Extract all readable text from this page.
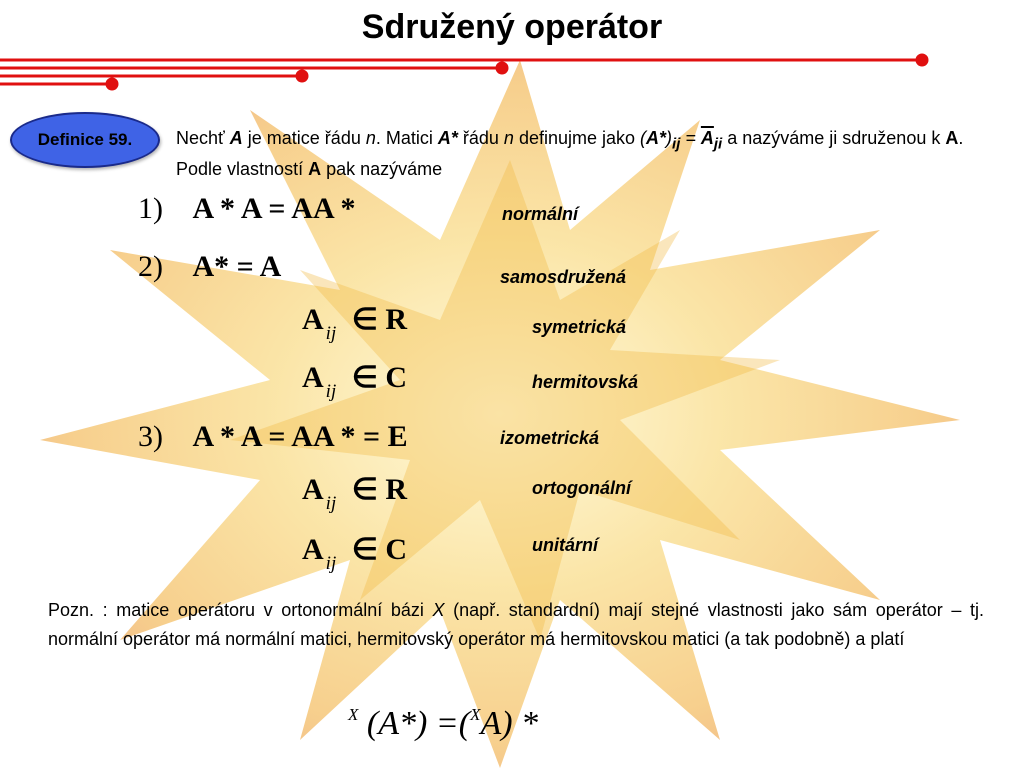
Sdružený operátor
Definice 59. Nechť A je matice řádu n. Matici A* řádu n definujme jako $(A*)_{ij} = \overline{A}_{ji}$ a nazýváme ji sdruženou k A. Podle vlastností A pak nazýváme
1) A * A = AA *	normální
2) A* = A	samosdružená
A $_{ij}$ ∈ R	symetrická
A $_{ij}$ ∈ C	hermitovská
3) A * A = AA * = E	izometrická
A $_{ij}$ ∈ R	ortogonální
A $_{ij}$ ∈ C	unitární
Pozn. : matice operátoru v ortonormální bázi X (např. standardní) mají stejné vlastnosti jako sám operátor – tj. normální operátor má normální matici, hermitovský operátor má hermitovskou matici (a tak podobně) a platí
$^X$ (A*) =($^X$A) *
